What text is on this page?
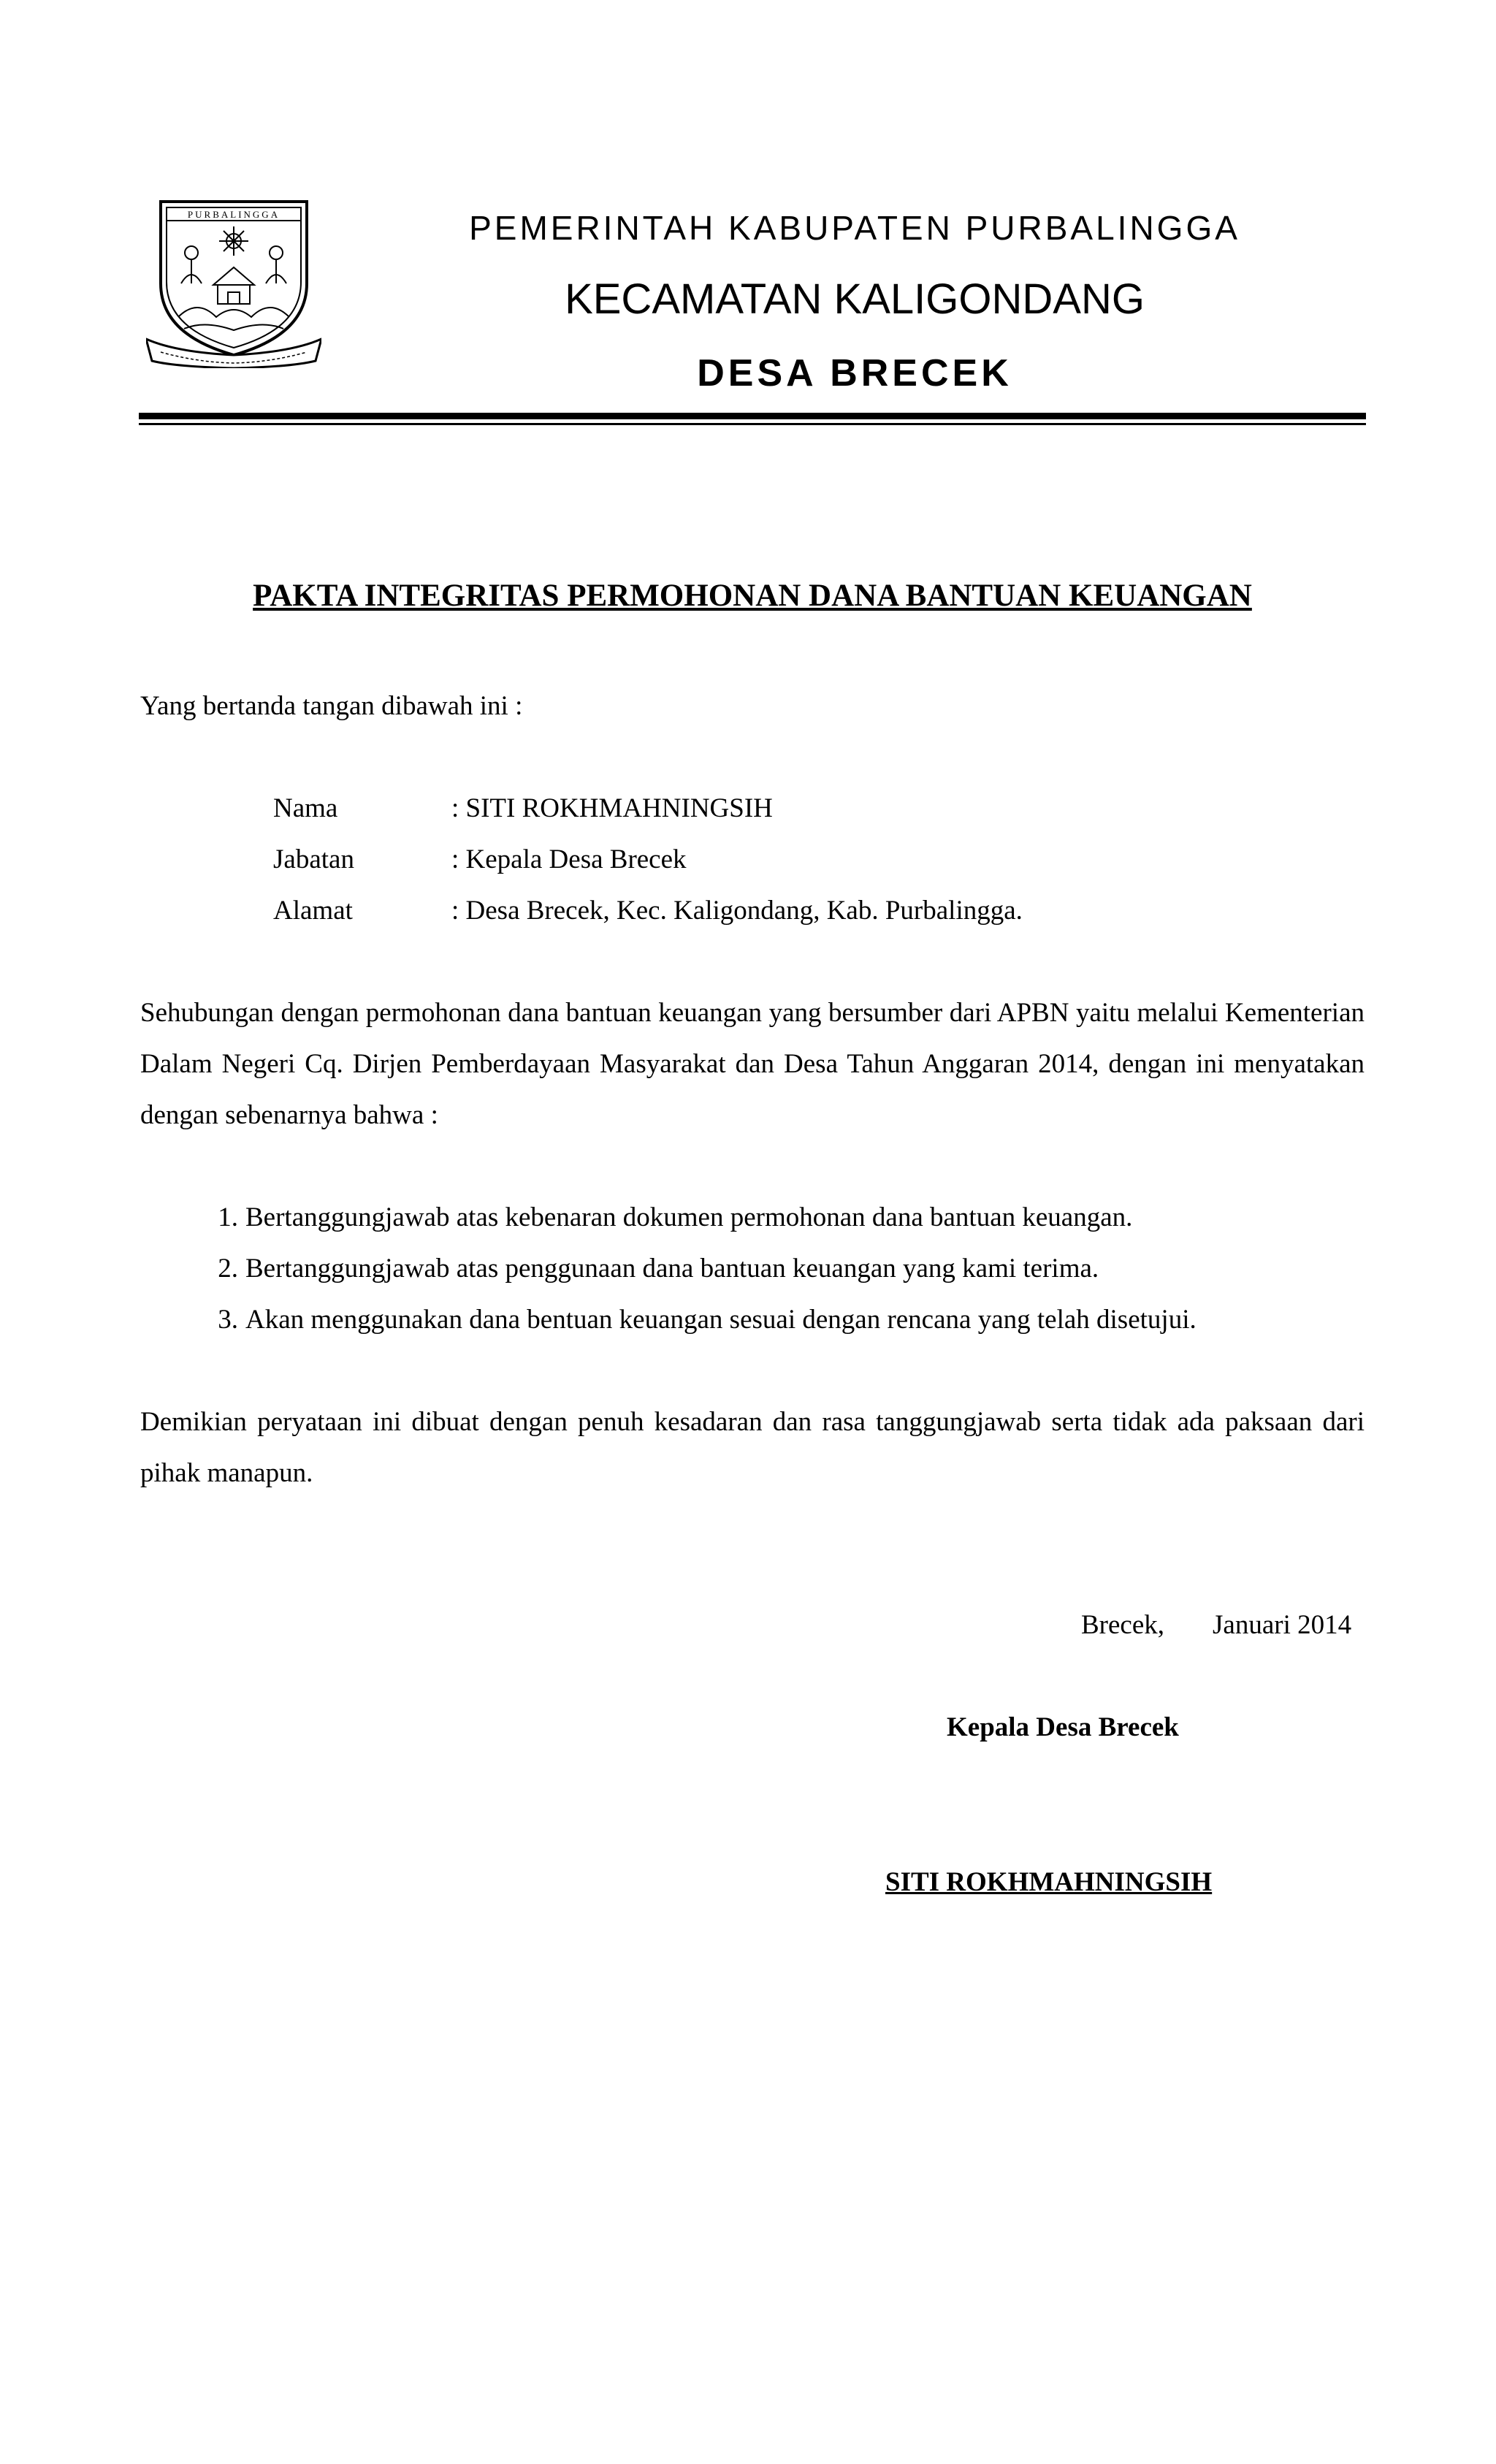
PURBALINGGA	PEMERINTAH KABUPATEN PURBALINGGA
KECAMATAN KALIGONDANG
DESA BRECEK
PAKTA INTEGRITAS PERMOHONAN DANA BANTUAN KEUANGAN
Yang bertanda tangan dibawah ini :
Nama	: SITI ROKHMAHNINGSIH
Jabatan	: Kepala Desa Brecek
Alamat	: Desa Brecek, Kec. Kaligondang, Kab. Purbalingga.
Sehubungan dengan permohonan dana bantuan keuangan yang bersumber dari APBN yaitu melalui Kementerian Dalam Negeri Cq. Dirjen Pemberdayaan Masyarakat dan Desa Tahun Anggaran 2014, dengan ini menyatakan dengan sebenarnya bahwa :
1. Bertanggungjawab atas kebenaran dokumen permohonan dana bantuan keuangan.
2. Bertanggungjawab atas penggunaan dana bantuan keuangan yang kami terima.
3. Akan menggunakan dana bentuan keuangan sesuai dengan rencana yang telah disetujui.
Demikian peryataan ini dibuat dengan penuh kesadaran dan rasa tanggungjawab serta tidak ada paksaan dari pihak manapun.
Brecek, Januari 2014
Kepala Desa Brecek
SITI ROKHMAHNINGSIH
